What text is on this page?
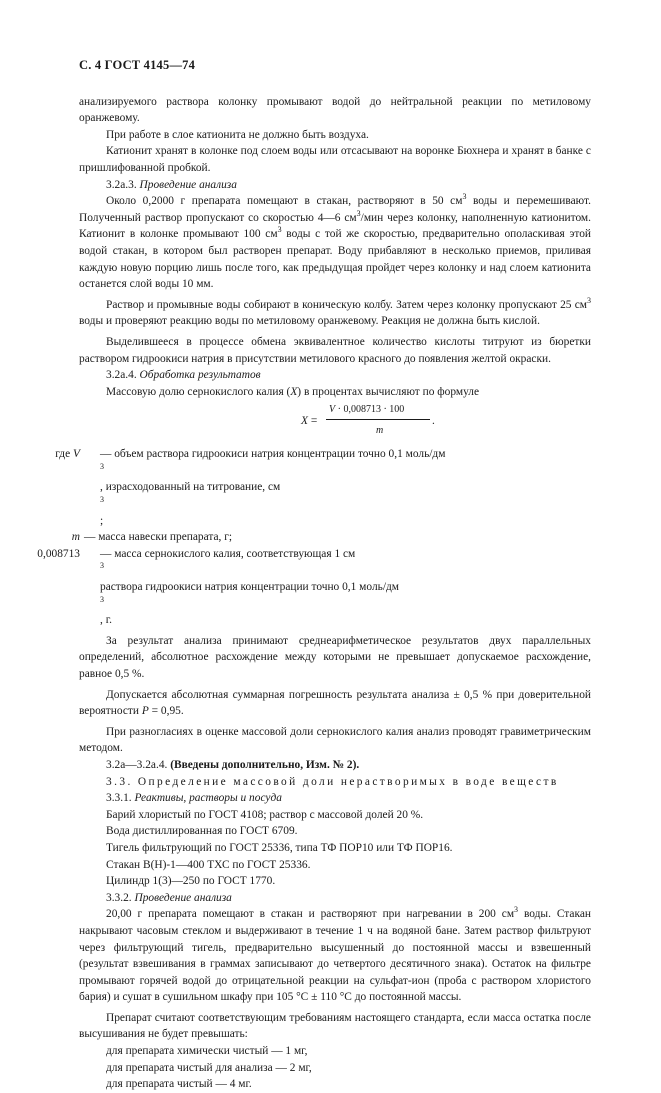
С. 4 ГОСТ 4145—74

анализируемого раствора колонку промывают водой до нейтральной реакции по метиловому оранжевому.

При работе в слое катионита не должно быть воздуха.

Катионит хранят в колонке под слоем воды или отсасывают на воронке Бюхнера и хранят в банке с пришлифованной пробкой.

3.2а.3. Проведение анализа

Около 0,2000 г препарата помещают в стакан, растворяют в 50 $см^3$ воды и перемешивают. Полученный раствор пропускают со скоростью 4—6 $см^3$/мин через колонку, наполненную катионитом. Катионит в колонке промывают 100 $см^3$ воды с той же скоростью, предварительно ополаскивая этой водой стакан, в котором был растворен препарат. Воду прибавляют в несколько приемов, приливая каждую новую порцию лишь после того, как предыдущая пройдет через колонку и над слоем катионита останется слой воды 10 мм.

Раствор и промывные воды собирают в коническую колбу. Затем через колонку пропускают 25 $см^3$ воды и проверяют реакцию воды по метиловому оранжевому. Реакция не должна быть кислой.

Выделившееся в процессе обмена эквивалентное количество кислоты титруют из бюретки раствором гидроокиси натрия в присутствии метилового красного до появления желтой окраски.

3.2а.4. Обработка результатов

Массовую долю сернокислого калия (X) в процентах вычисляют по формуле

X =
V · 0,008713 · 100
m
.
где V	— объем раствора гидроокиси натрия концентрации точно 0,1 моль/дм
$^3$
, израсходованный на титрование, см
$^3$
;
m — масса навески препарата, г;
0,008713	— масса сернокислого калия, соответствующая 1 см
$^3$
раствора гидроокиси натрия концентрации точно 0,1 моль/дм
$^3$
, г.

За результат анализа принимают среднеарифметическое результатов двух параллельных определений, абсолютное расхождение между которыми не превышает допускаемое расхождение, равное 0,5 %.

Допускается абсолютная суммарная погрешность результата анализа ± 0,5 % при доверительной вероятности P = 0,95.

При разногласиях в оценке массовой доли сернокислого калия анализ проводят гравиметрическим методом.

3.2а—3.2а.4. (Введены дополнительно, Изм. № 2).

3.3. Определение массовой доли нерастворимых в воде веществ

3.3.1. Реактивы, растворы и посуда

Барий хлористый по ГОСТ 4108; раствор с массовой долей 20 %.

Вода дистиллированная по ГОСТ 6709.

Тигель фильтрующий по ГОСТ 25336, типа ТФ ПОР10 или ТФ ПОР16.

Стакан В(Н)-1—400 ТХС по ГОСТ 25336.

Цилиндр 1(3)—250 по ГОСТ 1770.

3.3.2. Проведение анализа

20,00 г препарата помещают в стакан и растворяют при нагревании в 200 $см^3$ воды. Стакан накрывают часовым стеклом и выдерживают в течение 1 ч на водяной бане. Затем раствор фильтруют через фильтрующий тигель, предварительно высушенный до постоянной массы и взвешенный (результат взвешивания в граммах записывают до четвертого десятичного знака). Остаток на фильтре промывают горячей водой до отрицательной реакции на сульфат-ион (проба с раствором хлористого бария) и сушат в сушильном шкафу при 105 °С ± 110 °С до постоянной массы.

Препарат считают соответствующим требованиям настоящего стандарта, если масса остатка после высушивания не будет превышать:

для препарата химически чистый — 1 мг,

для препарата чистый для анализа — 2 мг,

для препарата чистый — 4 мг.
